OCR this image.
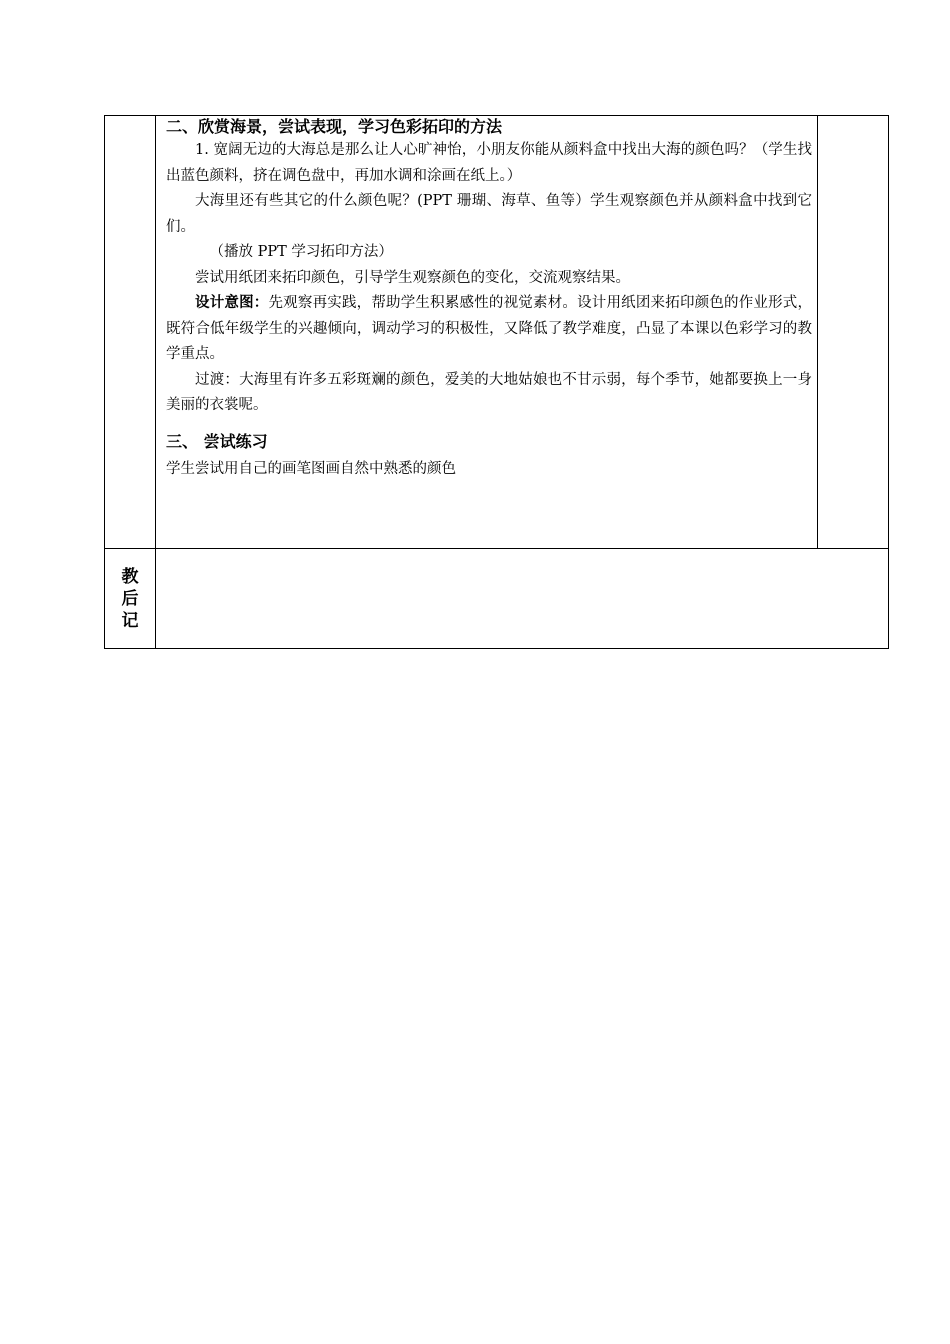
二、欣赏海景，尝试表现，学习色彩拓印的方法

1. 宽阔无边的大海总是那么让人心旷神怡，小朋友你能从颜料盒中找出大海的颜色吗？（学生找出蓝色颜料，挤在调色盘中，再加水调和涂画在纸上。）

大海里还有些其它的什么颜色呢？(PPT 珊瑚、海草、鱼等）学生观察颜色并从颜料盒中找到它们。

（播放 PPT 学习拓印方法）

尝试用纸团来拓印颜色，引导学生观察颜色的变化，交流观察结果。

设计意图：先观察再实践，帮助学生积累感性的视觉素材。设计用纸团来拓印颜色的作业形式，既符合低年级学生的兴趣倾向，调动学习的积极性，又降低了教学难度，凸显了本课以色彩学习的教学重点。

过渡：大海里有许多五彩斑斓的颜色，爱美的大地姑娘也不甘示弱，每个季节，她都要换上一身美丽的衣裳呢。

三、 尝试练习

学生尝试用自己的画笔图画自然中熟悉的颜色

教
后
记
